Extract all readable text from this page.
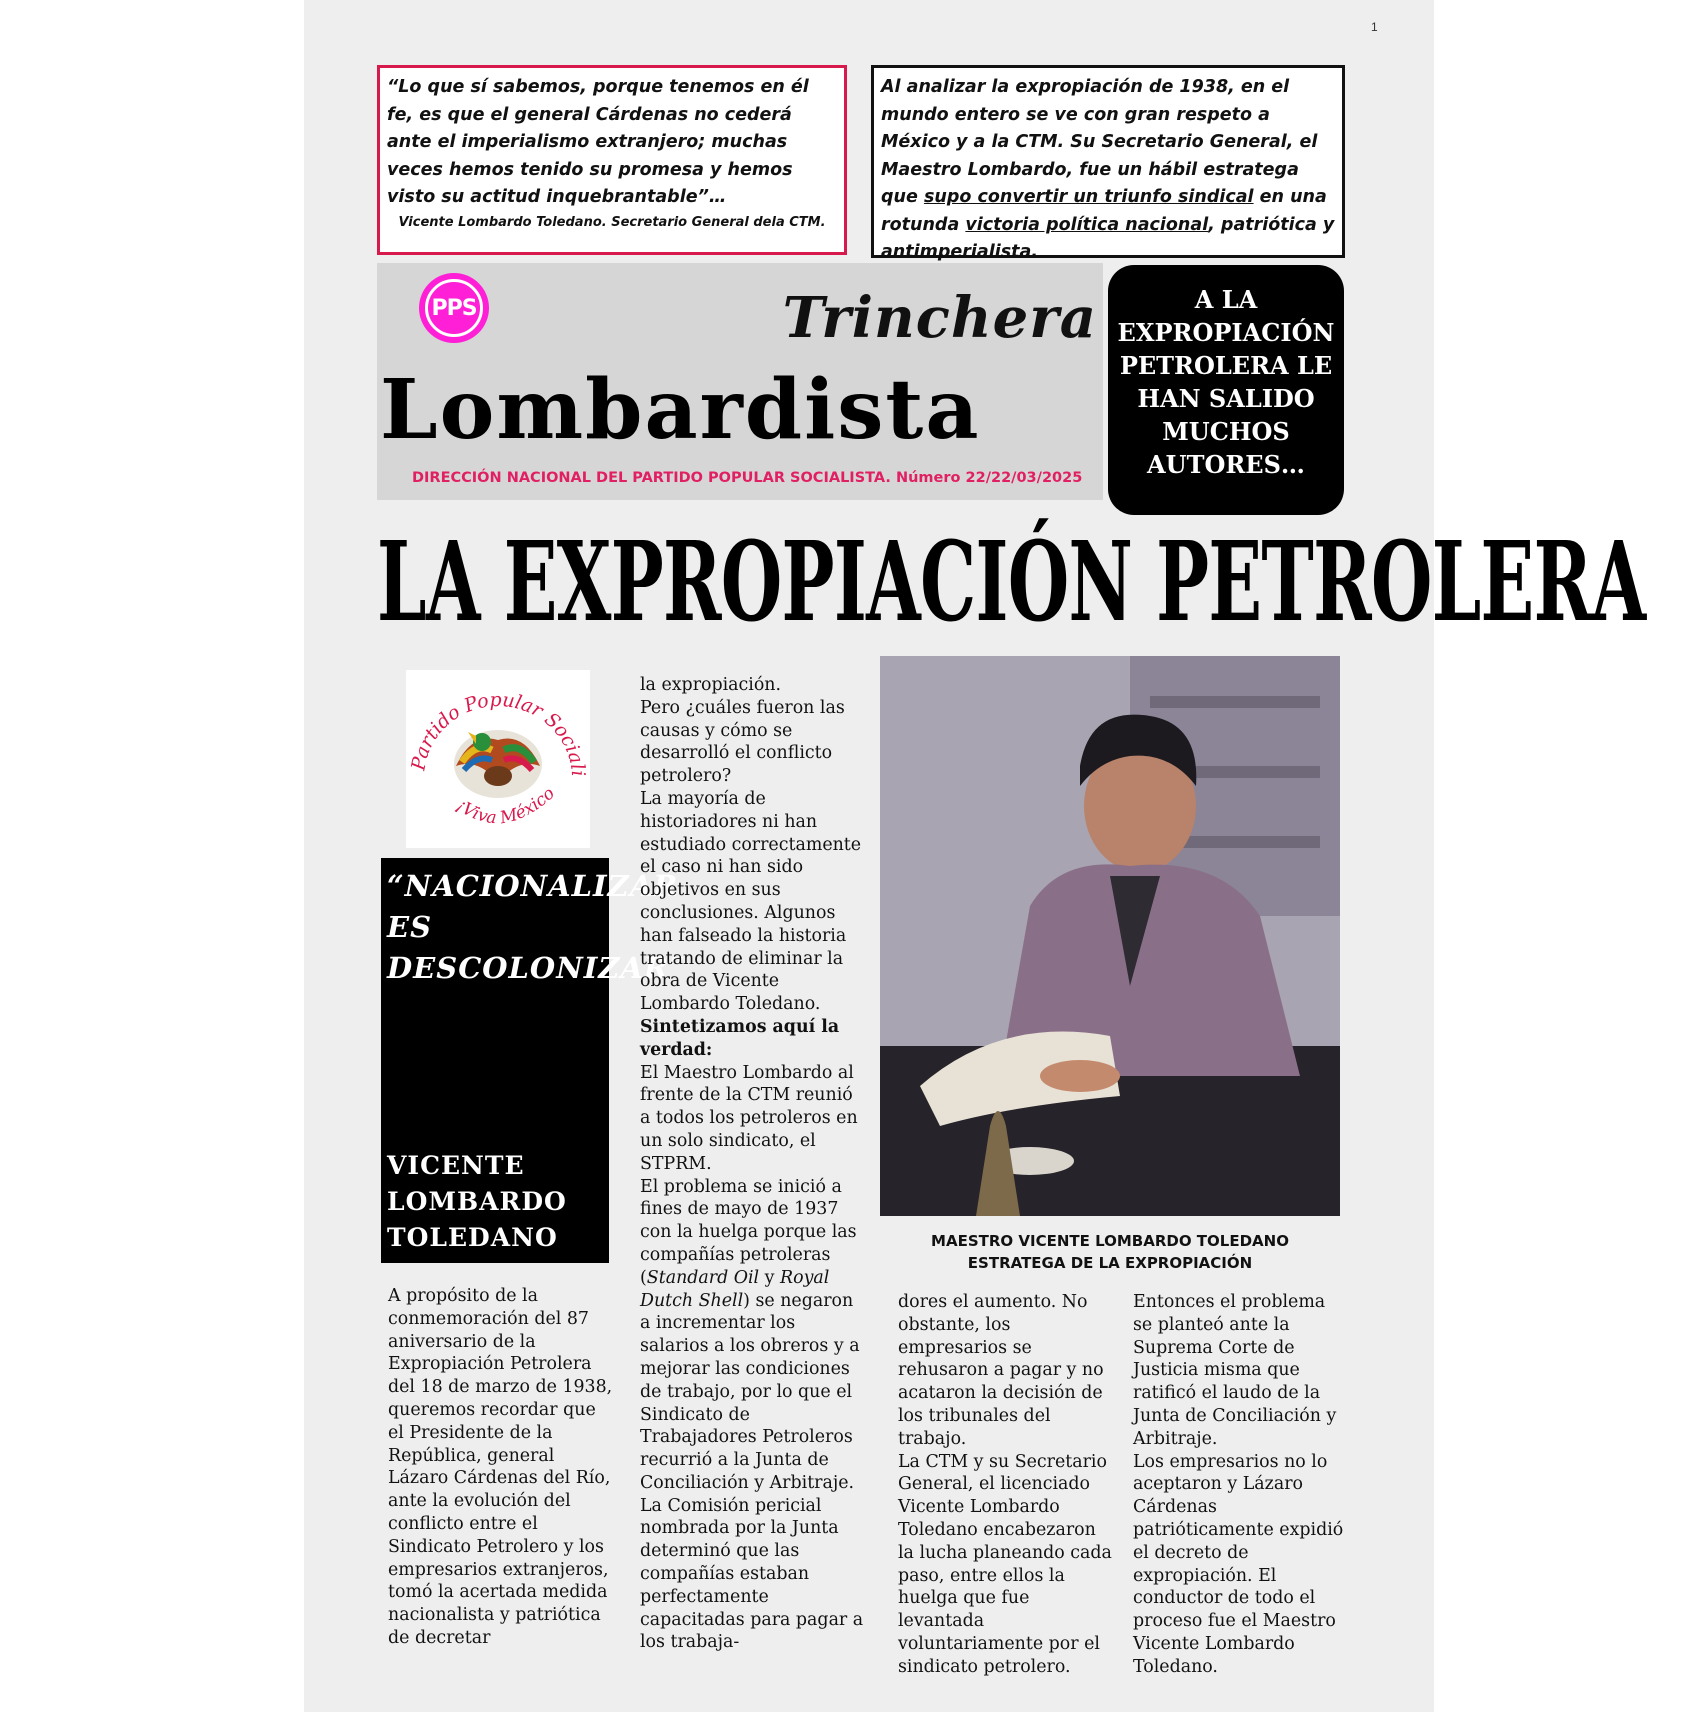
1
“Lo que sí sabemos, porque tenemos en él fe, es que el general Cárdenas no cederá ante el imperialismo extranjero; muchas veces hemos tenido su promesa y hemos visto su actitud inquebrantable”…
Vicente Lombardo Toledano. Secretario General dela CTM.
Al analizar la expropiación de 1938, en el mundo entero se ve con gran respeto a México y a la CTM. Su Secretario General, el Maestro Lombardo, fue un hábil estratega que supo convertir un triunfo sindical en una rotunda victoria política nacional, patriótica y antimperialista.
PPS	Trinchera
Lombardista
DIRECCIÓN NACIONAL DEL PARTIDO POPULAR SOCIALISTA. Número 22/22/03/2025
A LA EXPROPIACIÓN PETROLERA LE HAN SALIDO MUCHOS AUTORES…
LA EXPROPIACIÓN PETROLERA
Partido Popular Sociali
¡Viva México
“NACIONALIZAR ES DESCOLONIZAR”
VICENTE LOMBARDO TOLEDANO

A propósito de la conmemoración del 87 aniversario de la Expropiación Petrolera del 18 de marzo de 1938, queremos recordar que el Presidente de la República, general Lázaro Cárdenas del Río, ante la evolución del conflicto entre el Sindicato Petrolero y los empresarios extranjeros, tomó la acertada medida nacionalista y patriótica de decretar

la expropiación.

Pero ¿cuáles fueron las causas y cómo se desarrolló el conflicto petrolero?

La mayoría de historiadores ni han estudiado correctamente el caso ni han sido objetivos en sus conclusiones. Algunos han falseado la historia tratando de eliminar la obra de Vicente Lombardo Toledano.

Sintetizamos aquí la verdad:

El Maestro Lombardo al frente de la CTM reunió a todos los petroleros en un solo sindicato, el STPRM.

El problema se inició a fines de mayo de 1937 con la huelga porque las compañías petroleras (Standard Oil y Royal Dutch Shell) se negaron a incrementar los salarios a los obreros y a mejorar las condiciones de trabajo, por lo que el Sindicato de Trabajadores Petroleros recurrió a la Junta de Conciliación y Arbitraje. La Comisión pericial nombrada por la Junta determinó que las compañías estaban perfectamente capacitadas para pagar a los trabaja-

MAESTRO VICENTE LOMBARDO TOLEDANO
ESTRATEGA DE LA EXPROPIACIÓN

dores el aumento. No obstante, los empresarios se rehusaron a pagar y no acataron la decisión de los tribunales del trabajo.

La CTM y su Secretario General, el licenciado Vicente Lombardo Toledano encabezaron la lucha planeando cada paso, entre ellos la huelga que fue levantada voluntariamente por el sindicato petrolero.

Entonces el problema se planteó ante la Suprema Corte de Justicia misma que ratificó el laudo de la Junta de Conciliación y Arbitraje.

Los empresarios no lo aceptaron y Lázaro Cárdenas patrióticamente expidió el decreto de expropiación. El conductor de todo el proceso fue el Maestro Vicente Lombardo Toledano.
